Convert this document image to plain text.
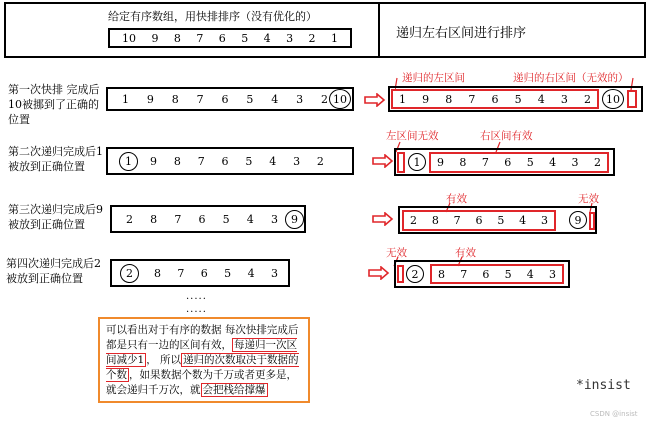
给定有序数组，用快排排序（没有优化的）
10 9 8 7 6 5 4 3 2 1	递归左右区间进行排序
第一次快排 完成后
10被挪到了正确的
位置
1 9 8 7 6 5 4 3 2 10
递归的左区间	递归的右区间（无效的）
1 9 8 7 6 5 4 3 2	10
第二次递归完成后1
被放到正确位置	1	9 8 7 6 5 4 3 2
左区间无效	右区间有效
1	9 8 7 6 5 4 3 2
第三次递归完成后9
被放到正确位置	2 8 7 6 5 4 3	9
有效	无效
2 8 7 6 5 4 3	9
第四次递归完成后2
被放到正确位置	2	8 7 6 5 4 3
无效	有效
2	8 7 6 5 4 3
.....
.....
可以看出对于有序的数据 每次快排完成后都是只有一边的区间有效， 每递归一次区间减少1 ， 所以 递归的次数取决于数据的个数 ，如果数据个数为千万或者更多是，就会递归千万次，就 会把栈给撑爆	*insist
CSDN @insist
